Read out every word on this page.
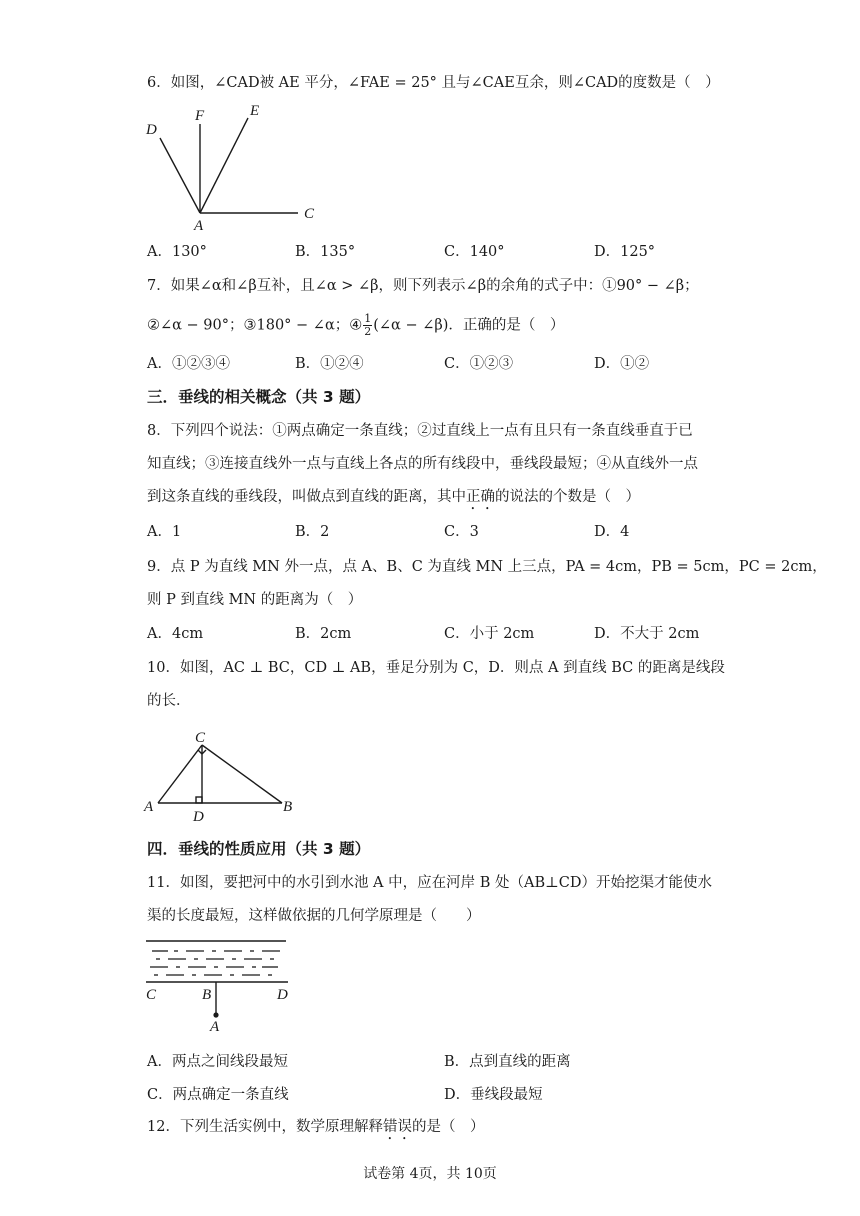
6．如图，∠CAD被 AE 平分，∠FAE = 25° 且与∠CAE互余，则∠CAD的度数是（　）
D
F	E
A
C
A．130°	B．135°	C．140°	D．125°
7．如果∠α和∠β互补，且∠α > ∠β，则下列表示∠β的余角的式子中：①90° − ∠β；
②∠α − 90°；③180° − ∠α；④ $\frac{1}{2}$ (∠α − ∠β)．正确的是（　）
A．①②③④	B．①②④	C．①②③	D．①②
三．垂线的相关概念（共 3 题）
8．下列四个说法：①两点确定一条直线；②过直线上一点有且只有一条直线垂直于已
知直线；③连接直线外一点与直线上各点的所有线段中，垂线段最短；④从直线外一点
到这条直线的垂线段，叫做点到直线的距离，其中正确的说法的个数是（　）
A．1	B．2	C．3	D．4
9．点 P 为直线 MN 外一点，点 A、B、C 为直线 MN 上三点，PA = 4cm，PB = 5cm，PC = 2cm，
则 P 到直线 MN 的距离为（　）
A．4cm	B．2cm	C．小于 2cm	D．不大于 2cm
10．如图，AC ⊥ BC，CD ⊥ AB，垂足分别为 C，D．则点 A 到直线 BC 的距离是线段
的长．
C
A
D
B
四．垂线的性质应用（共 3 题）
11．如图，要把河中的水引到水池 A 中，应在河岸 B 处（AB⊥CD）开始挖渠才能使水
渠的长度最短，这样做依据的几何学原理是（　　）
C	B	D
A
A．两点之间线段最短	B．点到直线的距离
C．两点确定一条直线	D．垂线段最短
12．下列生活实例中，数学原理解释错误的是（　）
试卷第 4页，共 10页
